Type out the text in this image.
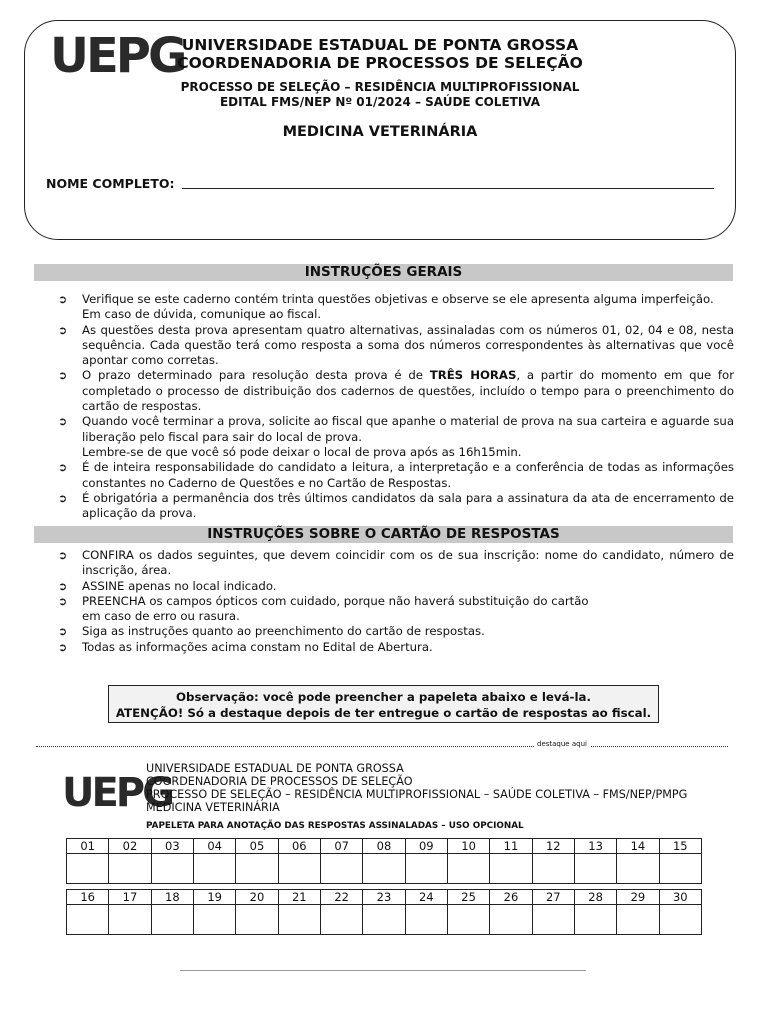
UEPG
UNIVERSIDADE ESTADUAL DE PONTA GROSSA
COORDENADORIA DE PROCESSOS DE SELEÇÃO
PROCESSO DE SELEÇÃO – RESIDÊNCIA MULTIPROFISSIONAL
EDITAL FMS/NEP Nº 01/2024 – SAÚDE COLETIVA
MEDICINA VETERINÁRIA
NOME COMPLETO:
INSTRUÇÕES GERAIS
➲ Verifique se este caderno contém trinta questões objetivas e observe se ele apresenta alguma imperfeição.
Em caso de dúvida, comunique ao fiscal.
➲ As questões desta prova apresentam quatro alternativas, assinaladas com os números 01, 02, 04 e 08, nesta sequência. Cada questão terá como resposta a soma dos números correspondentes às alternativas que você apontar como corretas.
➲ O prazo determinado para resolução desta prova é de TRÊS HORAS, a partir do momento em que for completado o processo de distribuição dos cadernos de questões, incluído o tempo para o preenchimento do cartão de respostas.
➲ Quando você terminar a prova, solicite ao fiscal que apanhe o material de prova na sua carteira e aguarde sua liberação pelo fiscal para sair do local de prova.
Lembre-se de que você só pode deixar o local de prova após as 16h15min.
➲ É de inteira responsabilidade do candidato a leitura, a interpretação e a conferência de todas as informações constantes no Caderno de Questões e no Cartão de Respostas.
➲ É obrigatória a permanência dos três últimos candidatos da sala para a assinatura da ata de encerramento de aplicação da prova.
INSTRUÇÕES SOBRE O CARTÃO DE RESPOSTAS
➲ CONFIRA os dados seguintes, que devem coincidir com os de sua inscrição: nome do candidato, número de inscrição, área.
➲ ASSINE apenas no local indicado.
➲ PREENCHA os campos ópticos com cuidado, porque não haverá substituição do cartão
em caso de erro ou rasura.
➲ Siga as instruções quanto ao preenchimento do cartão de respostas.
➲ Todas as informações acima constam no Edital de Abertura.
Observação: você pode preencher a papeleta abaixo e levá-la.
ATENÇÃO! Só a destaque depois de ter entregue o cartão de respostas ao fiscal.
destaque aqui
UEPG
UNIVERSIDADE ESTADUAL DE PONTA GROSSA
COORDENADORIA DE PROCESSOS DE SELEÇÃO
PROCESSO DE SELEÇÃO – RESIDÊNCIA MULTIPROFISSIONAL – SAÚDE COLETIVA – FMS/NEP/PMPG
MEDICINA VETERINÁRIA
PAPELETA PARA ANOTAÇÃO DAS RESPOSTAS ASSINALADAS – USO OPCIONAL
01	02	03	04	05	06	07	08	09	10	11	12	13	14	15

16	17	18	19	20	21	22	23	24	25	26	27	28	29	30
